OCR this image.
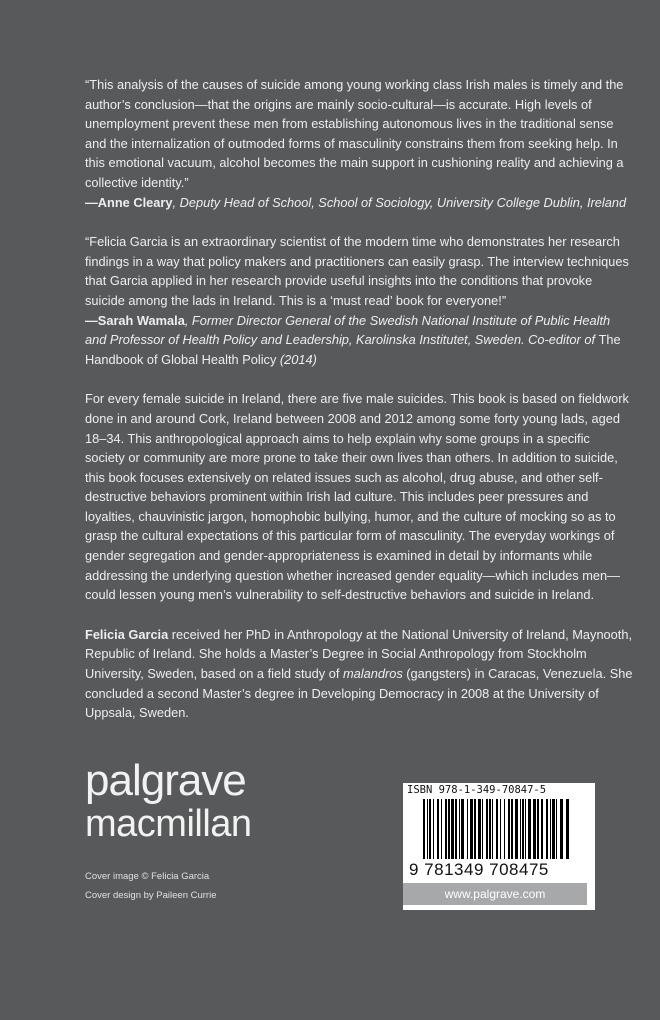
“This analysis of the causes of suicide among young working class Irish males is timely and the author’s conclusion—that the origins are mainly socio-cultural—is accurate. High levels of unemployment prevent these men from establishing autonomous lives in the traditional sense and the internalization of outmoded forms of masculinity constrains them from seeking help. In this emotional vacuum, alcohol becomes the main support in cushioning reality and achieving a collective identity.”
—Anne Cleary, Deputy Head of School, School of Sociology, University College Dublin, Ireland

“Felicia Garcia is an extraordinary scientist of the modern time who demonstrates her research findings in a way that policy makers and practitioners can easily grasp. The interview techniques that Garcia applied in her research provide useful insights into the conditions that provoke suicide among the lads in Ireland. This is a ‘must read’ book for everyone!”
—Sarah Wamala, Former Director General of the Swedish National Institute of Public Health and Professor of Health Policy and Leadership, Karolinska Institutet, Sweden. Co-editor of The Handbook of Global Health Policy (2014)

For every female suicide in Ireland, there are five male suicides. This book is based on fieldwork done in and around Cork, Ireland between 2008 and 2012 among some forty young lads, aged 18–34. This anthropological approach aims to help explain why some groups in a specific society or community are more prone to take their own lives than others. In addition to suicide, this book focuses extensively on related issues such as alcohol, drug abuse, and other self-destructive behaviors prominent within Irish lad culture. This includes peer pressures and loyalties, chauvinistic jargon, homophobic bullying, humor, and the culture of mocking so as to grasp the cultural expectations of this particular form of masculinity. The everyday workings of gender segregation and gender-appropriateness is examined in detail by informants while addressing the underlying question whether increased gender equality—which includes men—could lessen young men’s vulnerability to self-destructive behaviors and suicide in Ireland.

Felicia Garcia received her PhD in Anthropology at the National University of Ireland, Maynooth, Republic of Ireland. She holds a Master’s Degree in Social Anthropology from Stockholm University, Sweden, based on a field study of malandros (gangsters) in Caracas, Venezuela. She concluded a second Master’s degree in Developing Democracy in 2008 at the University of Uppsala, Sweden.

palgrave
macmillan
Cover image © Felicia Garcia
Cover design by Paileen Currie
ISBN 978-1-349-70847-5
9 781349 708475
www.palgrave.com
